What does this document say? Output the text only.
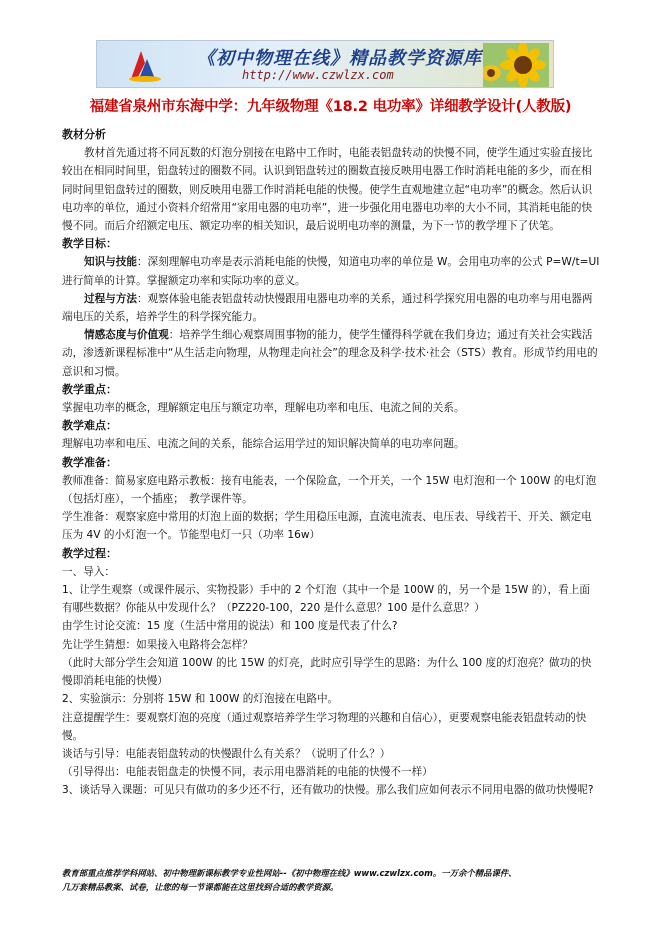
《初中物理在线》精品教学资源库
http://www.czwlzx.com
福建省泉州市东海中学：九年级物理《18.2 电功率》详细教学设计(人教版)

教材分析

教材首先通过将不同瓦数的灯泡分别接在电路中工作时，电能表铝盘转动的快慢不同，使学生通过实验直接比较出在相同时间里，铝盘转过的圈数不同。认识到铝盘转过的圈数直接反映用电器工作时消耗电能的多少，而在相同时间里铝盘转过的圈数，则反映用电器工作时消耗电能的快慢。使学生直观地建立起“电功率”的概念。然后认识电功率的单位，通过小资料介绍常用“家用电器的电功率”，进一步强化用电器电功率的大小不同，其消耗电能的快慢不同。而后介绍额定电压、额定功率的相关知识，最后说明电功率的测量，为下一节的教学埋下了伏笔。

教学目标：

知识与技能：深刻理解电功率是表示消耗电能的快慢，知道电功率的单位是 W。会用电功率的公式 P=W/t=UI 进行简单的计算。掌握额定功率和实际功率的意义。

过程与方法：观察体验电能表铝盘转动快慢跟用电器电功率的关系，通过科学探究用电器的电功率与用电器两端电压的关系，培养学生的科学探究能力。

情感态度与价值观：培养学生细心观察周围事物的能力，使学生懂得科学就在我们身边；通过有关社会实践活动，渗透新课程标准中“从生活走向物理，从物理走向社会”的理念及科学·技术·社会（STS）教育。形成节约用电的意识和习惯。

教学重点：

掌握电功率的概念，理解额定电压与额定功率，理解电功率和电压、电流之间的关系。

教学难点：

理解电功率和电压、电流之间的关系，能综合运用学过的知识解决简单的电功率问题。

教学准备：

教师准备：简易家庭电路示教板：接有电能表，一个保险盒，一个开关，一个 15W 电灯泡和一个 100W 的电灯泡（包括灯座），一个插座；　教学课件等。

学生准备：观察家庭中常用的灯泡上面的数据；学生用稳压电源，直流电流表、电压表、导线若干、开关、额定电压为 4V 的小灯泡一个。节能型电灯一只（功率 16w）

教学过程：

一、导入：

1、让学生观察（或课件展示、实物投影）手中的 2 个灯泡（其中一个是 100W 的，另一个是 15W 的），看上面有哪些数据？你能从中发现什么？（PZ220-100，220 是什么意思？100 是什么意思？）

由学生讨论交流：15 度（生活中常用的说法）和 100 度是代表了什么?

先让学生猜想：如果接入电路将会怎样？

（此时大部分学生会知道 100W 的比 15W 的灯亮，此时应引导学生的思路：为什么 100 度的灯泡亮？做功的快慢即消耗电能的快慢）

2、实验演示：分别将 15W 和 100W 的灯泡接在电路中。

注意提醒学生：要观察灯泡的亮度（通过观察培养学生学习物理的兴趣和自信心），更要观察电能表铝盘转动的快慢。

谈话与引导：电能表铝盘转动的快慢跟什么有关系？（说明了什么？）

（引导得出：电能表铝盘走的快慢不同，表示用电器消耗的电能的快慢不一样）

3、谈话导入课题：可见只有做功的多少还不行，还有做功的快慢。那么我们应如何表示不同用电器的做功快慢呢?

教育部重点推荐学科网站、初中物理新课标教学专业性网站--《初中物理在线》www.czwlzx.com。一万余个精品课件、
几万套精品教案、试卷，让您的每一节课都能在这里找到合适的教学资源。
